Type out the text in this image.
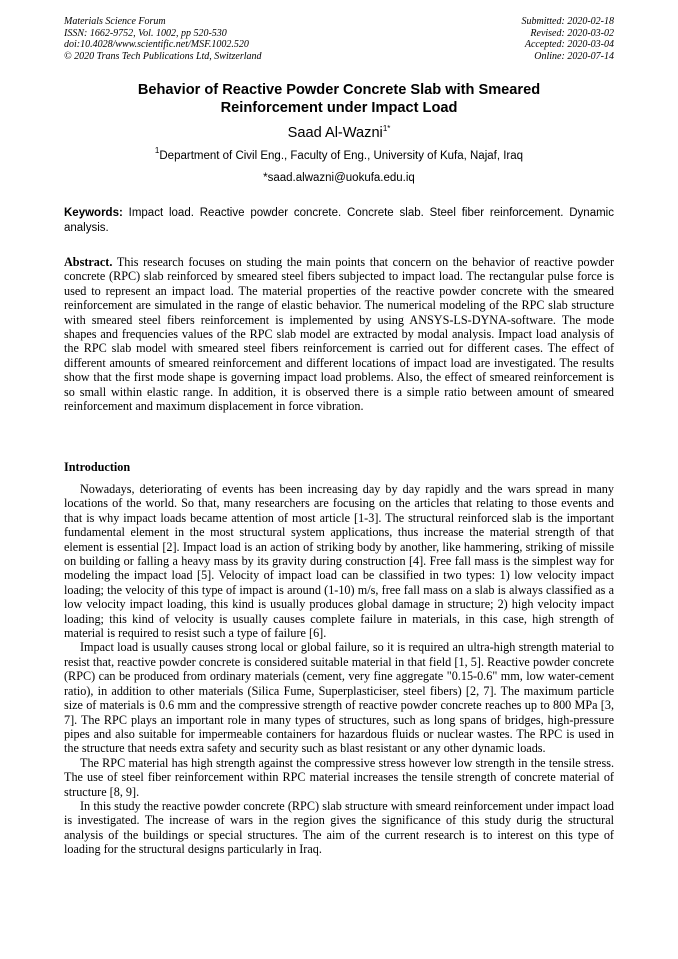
Materials Science Forum
ISSN: 1662-9752, Vol. 1002, pp 520-530
doi:10.4028/www.scientific.net/MSF.1002.520
© 2020 Trans Tech Publications Ltd, Switzerland
Submitted: 2020-02-18
Revised: 2020-03-02
Accepted: 2020-03-04
Online: 2020-07-14
Behavior of Reactive Powder Concrete Slab with Smeared
Reinforcement under Impact Load
Saad Al-Wazni$^{1*}$
$^1$Department of Civil Eng., Faculty of Eng., University of Kufa, Najaf, Iraq
*saad.alwazni@uokufa.edu.iq
Keywords: Impact load. Reactive powder concrete. Concrete slab. Steel fiber reinforcement. Dynamic analysis.
Abstract. This research focuses on studing the main points that concern on the behavior of reactive powder concrete (RPC) slab reinforced by smeared steel fibers subjected to impact load. The rectangular pulse force is used to represent an impact load. The material properties of the reactive powder concrete with the smeared reinforcement are simulated in the range of elastic behavior. The numerical modeling of the RPC slab structure with smeared steel fibers reinforcement is implemented by using ANSYS-LS-DYNA-software. The mode shapes and frequencies values of the RPC slab model are extracted by modal analysis. Impact load analysis of the RPC slab model with smeared steel fibers reinforcement is carried out for different cases. The effect of different amounts of smeared reinforcement and different locations of impact load are investigated. The results show that the first mode shape is governing impact load problems. Also, the effect of smeared reinforcement is so small within elastic range. In addition, it is observed there is a simple ratio between amount of smeared reinforcement and maximum displacement in force vibration.
Introduction

Nowadays, deteriorating of events has been increasing day by day rapidly and the wars spread in many locations of the world. So that, many researchers are focusing on the articles that relating to those events and that is why impact loads became attention of most article [1-3]. The structural reinforced slab is the important fundamental element in the most structural system applications, thus increase the material strength of that element is essential [2]. Impact load is an action of striking body by another, like hammering, striking of missile on building or falling a heavy mass by its gravity during construction [4]. Free fall mass is the simplest way for modeling the impact load [5]. Velocity of impact load can be classified in two types: 1) low velocity impact loading; the velocity of this type of impact is around (1-10) m/s, free fall mass on a slab is always classified as a low velocity impact loading, this kind is usually produces global damage in structure; 2) high velocity impact loading; this kind of velocity is usually causes complete failure in materials, in this case, high strength of material is required to resist such a type of failure [6].

Impact load is usually causes strong local or global failure, so it is required an ultra-high strength material to resist that, reactive powder concrete is considered suitable material in that field [1, 5]. Reactive powder concrete (RPC) can be produced from ordinary materials (cement, very fine aggregate "0.15-0.6" mm, low water-cement ratio), in addition to other materials (Silica Fume, Superplasticiser, steel fibers) [2, 7]. The maximum particle size of materials is 0.6 mm and the compressive strength of reactive powder concrete reaches up to 800 MPa [3, 7]. The RPC plays an important role in many types of structures, such as long spans of bridges, high-pressure pipes and also suitable for impermeable containers for hazardous fluids or nuclear wastes. The RPC is used in the structure that needs extra safety and security such as blast resistant or any other dynamic loads.

The RPC material has high strength against the compressive stress however low strength in the tensile stress. The use of steel fiber reinforcement within RPC material increases the tensile strength of concrete material of structure [8, 9].

In this study the reactive powder concrete (RPC) slab structure with smeard reinforcement under impact load is investigated. The increase of wars in the region gives the significance of this study durig the structural analysis of the buildings or special structures. The aim of the current research is to interest on this type of loading for the structural designs particularly in Iraq.
